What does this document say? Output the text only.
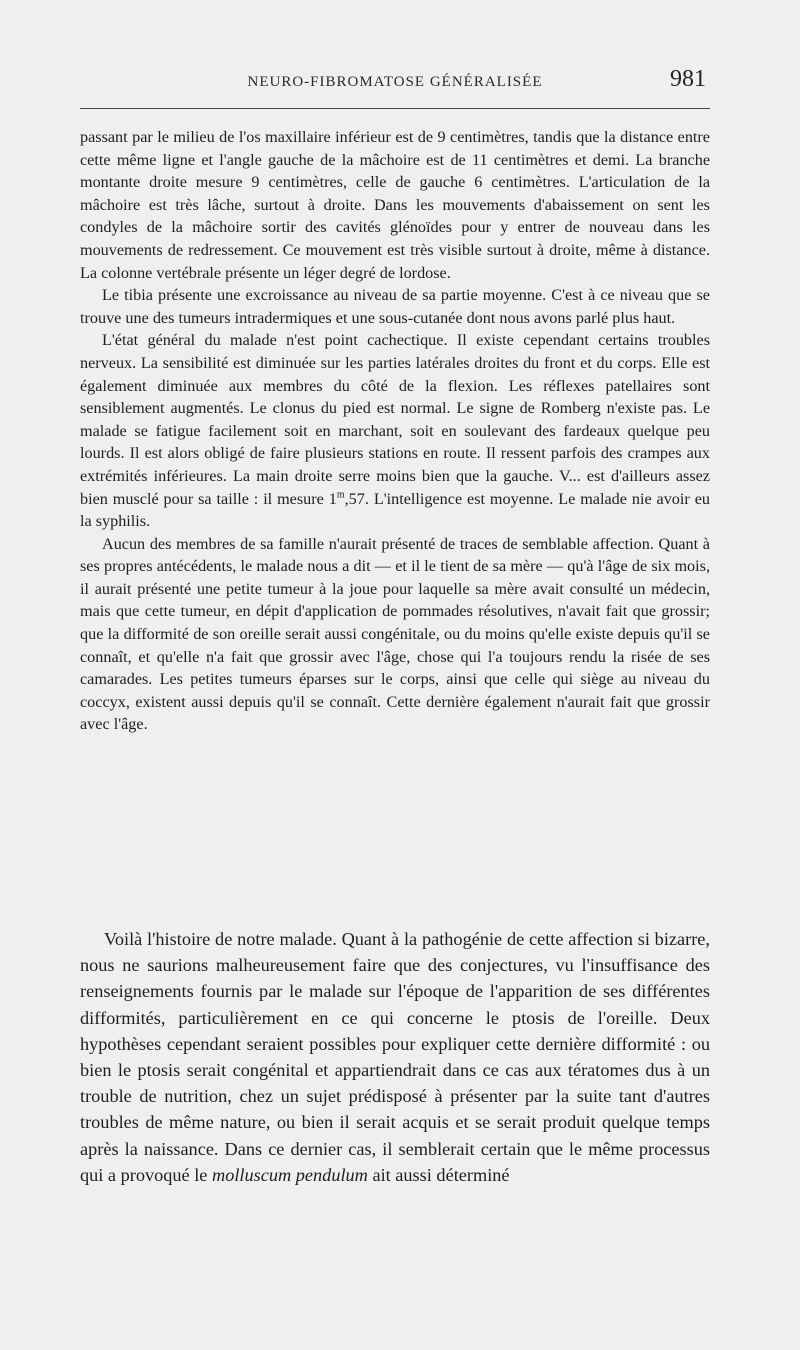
NEURO-FIBROMATOSE GÉNÉRALISÉE	981

passant par le milieu de l'os maxillaire inférieur est de 9 centimètres, tandis que la distance entre cette même ligne et l'angle gauche de la mâchoire est de 11 centimètres et demi. La branche montante droite mesure 9 centimètres, celle de gauche 6 centimètres. L'articulation de la mâchoire est très lâche, surtout à droite. Dans les mouvements d'abaissement on sent les condyles de la mâchoire sortir des cavités glénoïdes pour y entrer de nouveau dans les mouvements de redressement. Ce mouvement est très visible surtout à droite, même à distance. La colonne vertébrale présente un léger degré de lordose.

Le tibia présente une excroissance au niveau de sa partie moyenne. C'est à ce niveau que se trouve une des tumeurs intradermiques et une sous-cutanée dont nous avons parlé plus haut.

L'état général du malade n'est point cachectique. Il existe cependant certains troubles nerveux. La sensibilité est diminuée sur les parties latérales droites du front et du corps. Elle est également diminuée aux membres du côté de la flexion. Les réflexes patellaires sont sensiblement augmentés. Le clonus du pied est normal. Le signe de Romberg n'existe pas. Le malade se fatigue facilement soit en marchant, soit en soulevant des fardeaux quelque peu lourds. Il est alors obligé de faire plusieurs stations en route. Il ressent parfois des crampes aux extrémités inférieures. La main droite serre moins bien que la gauche. V... est d'ailleurs assez bien musclé pour sa taille : il mesure 1$^m$,57. L'intelligence est moyenne. Le malade nie avoir eu la syphilis.

Aucun des membres de sa famille n'aurait présenté de traces de semblable affection. Quant à ses propres antécédents, le malade nous a dit — et il le tient de sa mère — qu'à l'âge de six mois, il aurait présenté une petite tumeur à la joue pour laquelle sa mère avait consulté un médecin, mais que cette tumeur, en dépit d'application de pommades résolutives, n'avait fait que grossir; que la difformité de son oreille serait aussi congénitale, ou du moins qu'elle existe depuis qu'il se connaît, et qu'elle n'a fait que grossir avec l'âge, chose qui l'a toujours rendu la risée de ses camarades. Les petites tumeurs éparses sur le corps, ainsi que celle qui siège au niveau du coccyx, existent aussi depuis qu'il se connaît. Cette dernière également n'aurait fait que grossir avec l'âge.

Voilà l'histoire de notre malade. Quant à la pathogénie de cette affection si bizarre, nous ne saurions malheureusement faire que des conjectures, vu l'insuffisance des renseignements fournis par le malade sur l'époque de l'apparition de ses différentes difformités, particulièrement en ce qui concerne le ptosis de l'oreille. Deux hypothèses cependant seraient possibles pour expliquer cette dernière difformité : ou bien le ptosis serait congénital et appartiendrait dans ce cas aux tératomes dus à un trouble de nutrition, chez un sujet prédisposé à présenter par la suite tant d'autres troubles de même nature, ou bien il serait acquis et se serait produit quelque temps après la naissance. Dans ce dernier cas, il semblerait certain que le même processus qui a provoqué le molluscum pendulum ait aussi déterminé
